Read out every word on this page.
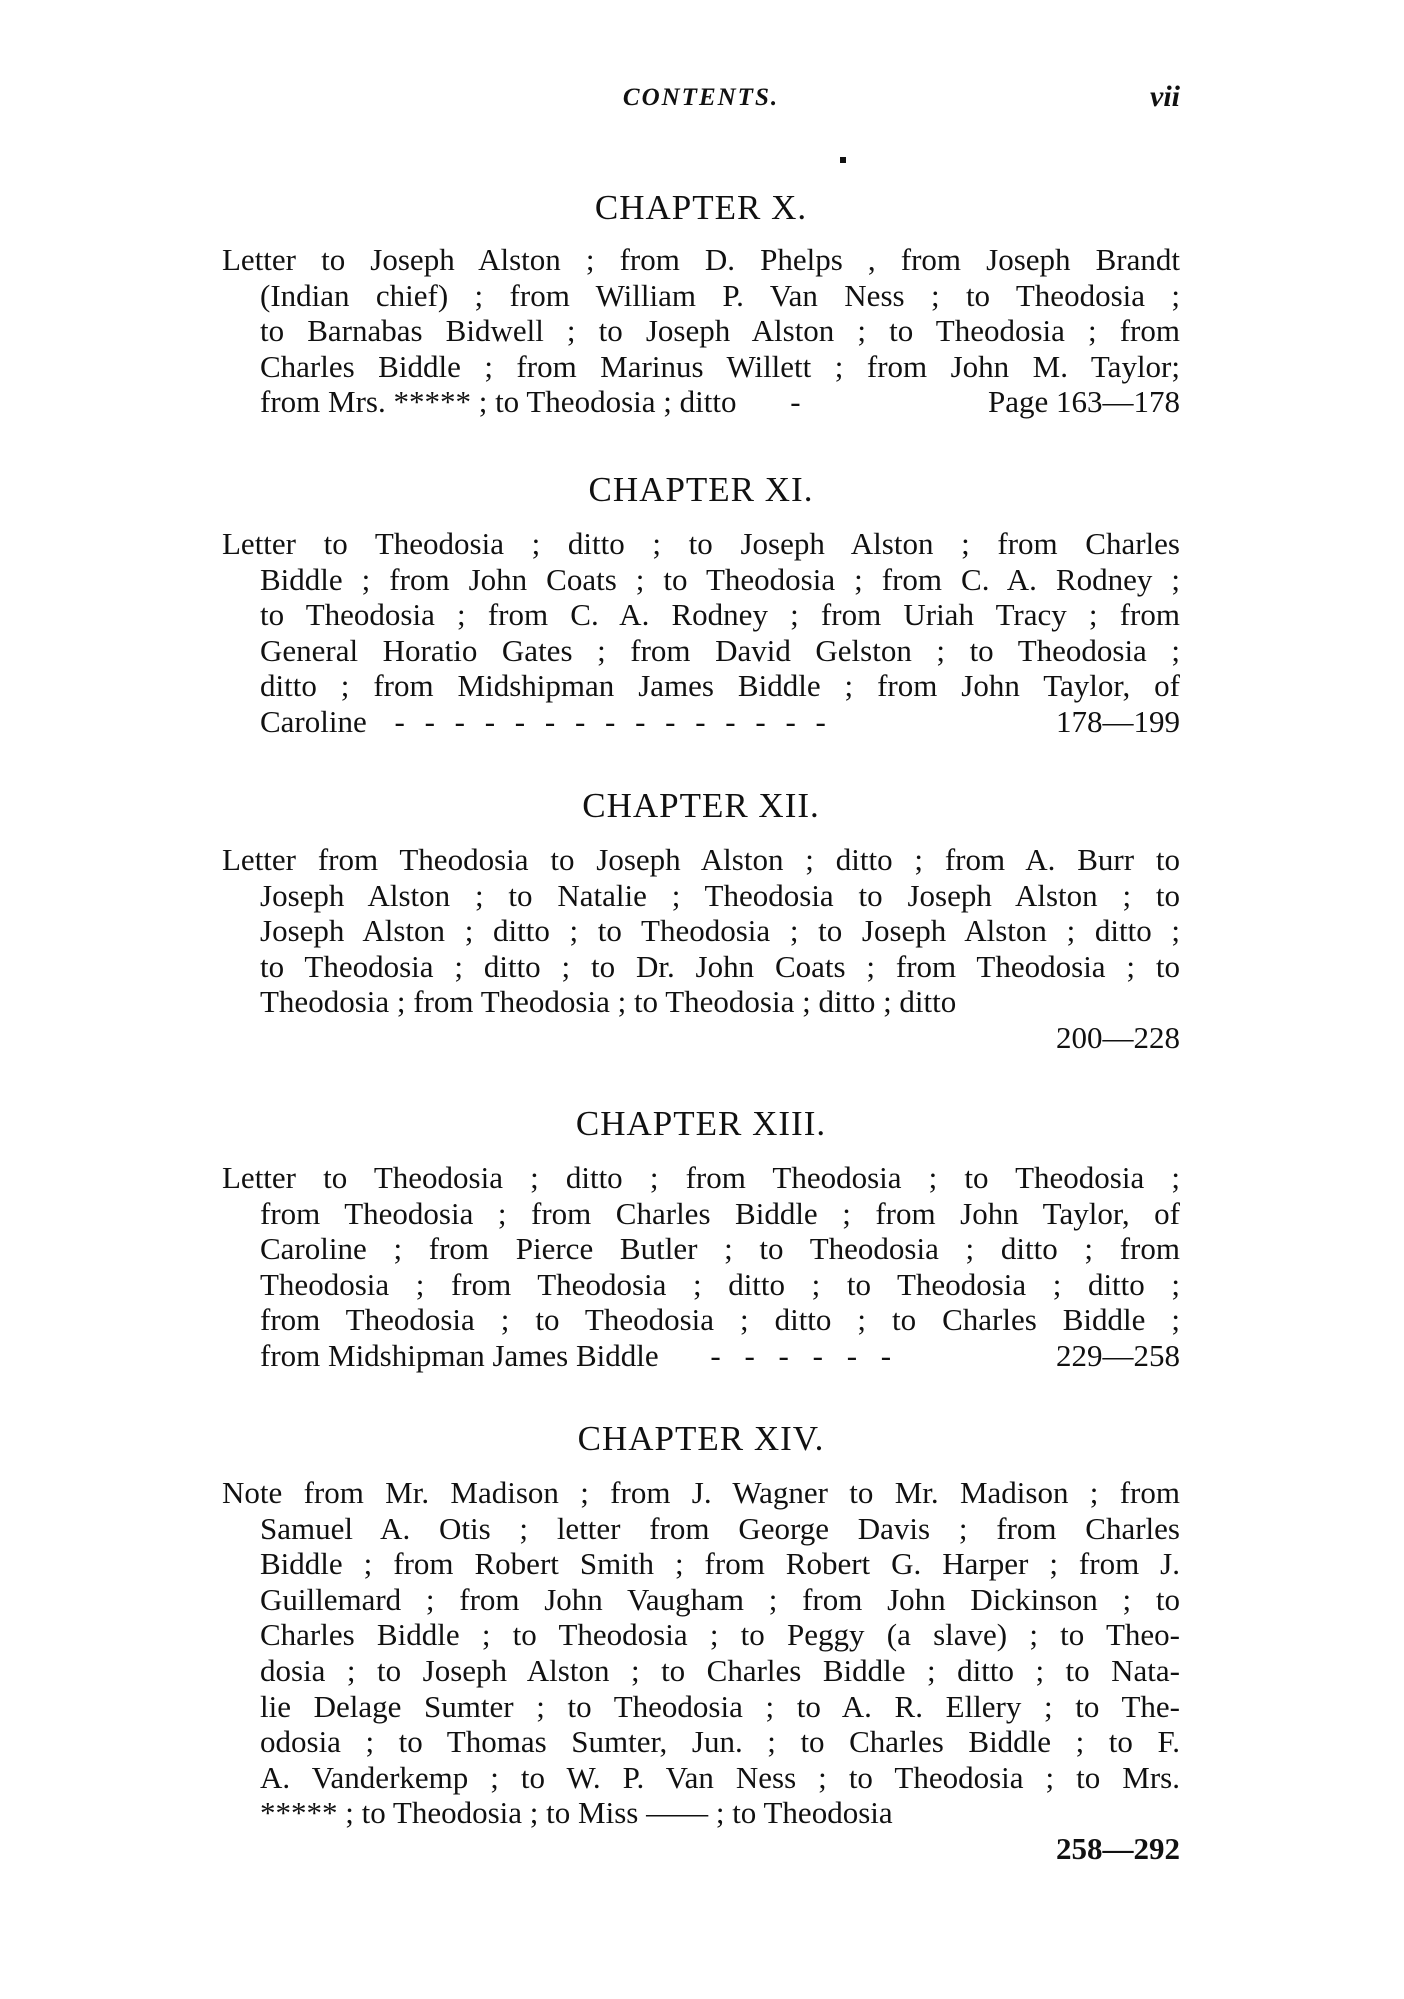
CONTENTS.	vii
CHAPTER X.
Letter to Joseph Alston ; from D. Phelps , from Joseph Brandt
(Indian chief) ; from William P. Van Ness ; to Theodosia ;
to Barnabas Bidwell ; to Joseph Alston ; to Theodosia ; from
Charles Biddle ; from Marinus Willett ; from John M. Taylor;
from Mrs. ***** ; to Theodosia ; ditto -	Page 163—178
CHAPTER XI.
Letter to Theodosia ; ditto ; to Joseph Alston ; from Charles
Biddle ; from John Coats ; to Theodosia ; from C. A. Rodney ;
to Theodosia ; from C. A. Rodney ; from Uriah Tracy ; from
General Horatio Gates ; from David Gelston ; to Theodosia ;
ditto ; from Midshipman James Biddle ; from John Taylor, of
Caroline - - - - - - - - - - - - - - -	178—199
CHAPTER XII.
Letter from Theodosia to Joseph Alston ; ditto ; from A. Burr to
Joseph Alston ; to Natalie ; Theodosia to Joseph Alston ; to
Joseph Alston ; ditto ; to Theodosia ; to Joseph Alston ; ditto ;
to Theodosia ; ditto ; to Dr. John Coats ; from Theodosia ; to
Theodosia ; from Theodosia ; to Theodosia ; ditto ; ditto
200—228
CHAPTER XIII.
Letter to Theodosia ; ditto ; from Theodosia ; to Theodosia ;
from Theodosia ; from Charles Biddle ; from John Taylor, of
Caroline ; from Pierce Butler ; to Theodosia ; ditto ; from
Theodosia ; from Theodosia ; ditto ; to Theodosia ; ditto ;
from Theodosia ; to Theodosia ; ditto ; to Charles Biddle ;
from Midshipman James Biddle - - - - - -	229—258
CHAPTER XIV.
Note from Mr. Madison ; from J. Wagner to Mr. Madison ; from
Samuel A. Otis ; letter from George Davis ; from Charles
Biddle ; from Robert Smith ; from Robert G. Harper ; from J.
Guillemard ; from John Vaugham ; from John Dickinson ; to
Charles Biddle ; to Theodosia ; to Peggy (a slave) ; to Theo-
dosia ; to Joseph Alston ; to Charles Biddle ; ditto ; to Nata-
lie Delage Sumter ; to Theodosia ; to A. R. Ellery ; to The-
odosia ; to Thomas Sumter, Jun. ; to Charles Biddle ; to F.
A. Vanderkemp ; to W. P. Van Ness ; to Theodosia ; to Mrs.
***** ; to Theodosia ; to Miss —— ; to Theodosia
258—292
